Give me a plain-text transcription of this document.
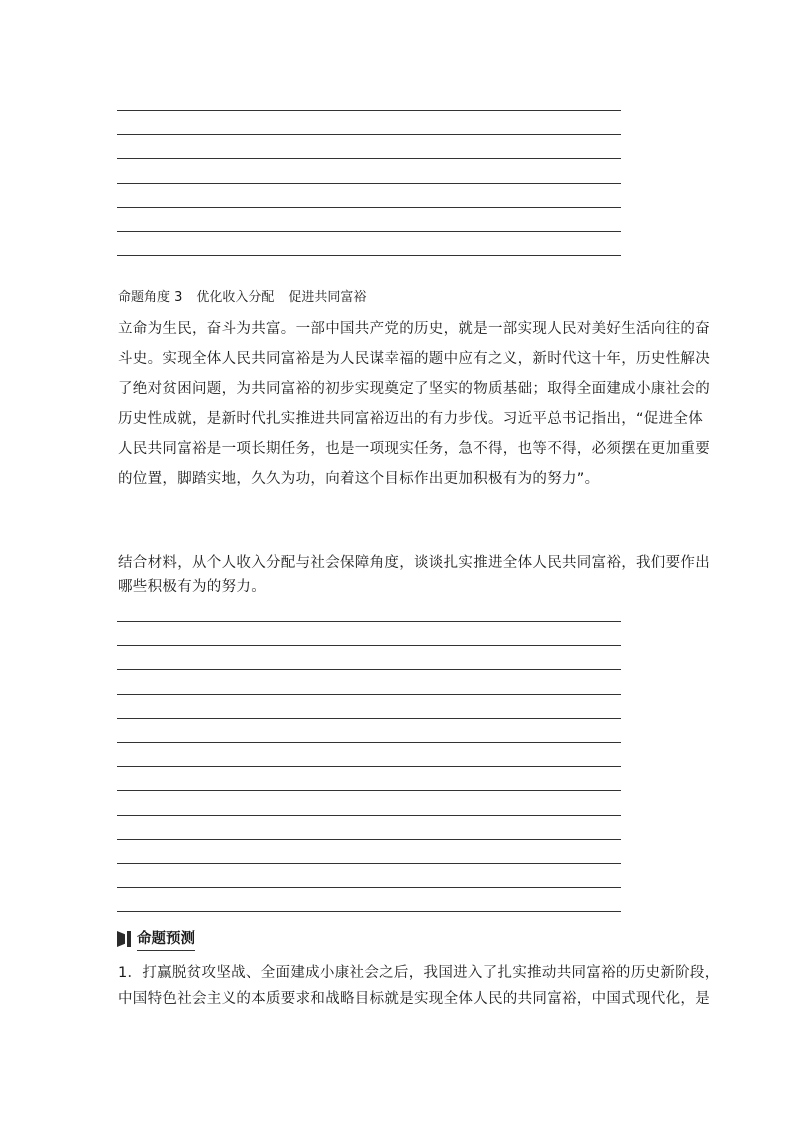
命题角度 3 优化收入分配 促进共同富裕

立命为生民，奋斗为共富。一部中国共产党的历史，就是一部实现人民对美好生活向往的奋

斗史。实现全体人民共同富裕是为人民谋幸福的题中应有之义，新时代这十年，历史性解决

了绝对贫困问题，为共同富裕的初步实现奠定了坚实的物质基础；取得全面建成小康社会的

历史性成就，是新时代扎实推进共同富裕迈出的有力步伐。习近平总书记指出，“促进全体

人民共同富裕是一项长期任务，也是一项现实任务，急不得，也等不得，必须摆在更加重要

的位置，脚踏实地，久久为功，向着这个目标作出更加积极有为的努力”。

结合材料，从个人收入分配与社会保障角度，谈谈扎实推进全体人民共同富裕，我们要作出

哪些积极有为的努力。

命题预测

1．打赢脱贫攻坚战、全面建成小康社会之后，我国进入了扎实推动共同富裕的历史新阶段，

中国特色社会主义的本质要求和战略目标就是实现全体人民的共同富裕，中国式现代化，是
